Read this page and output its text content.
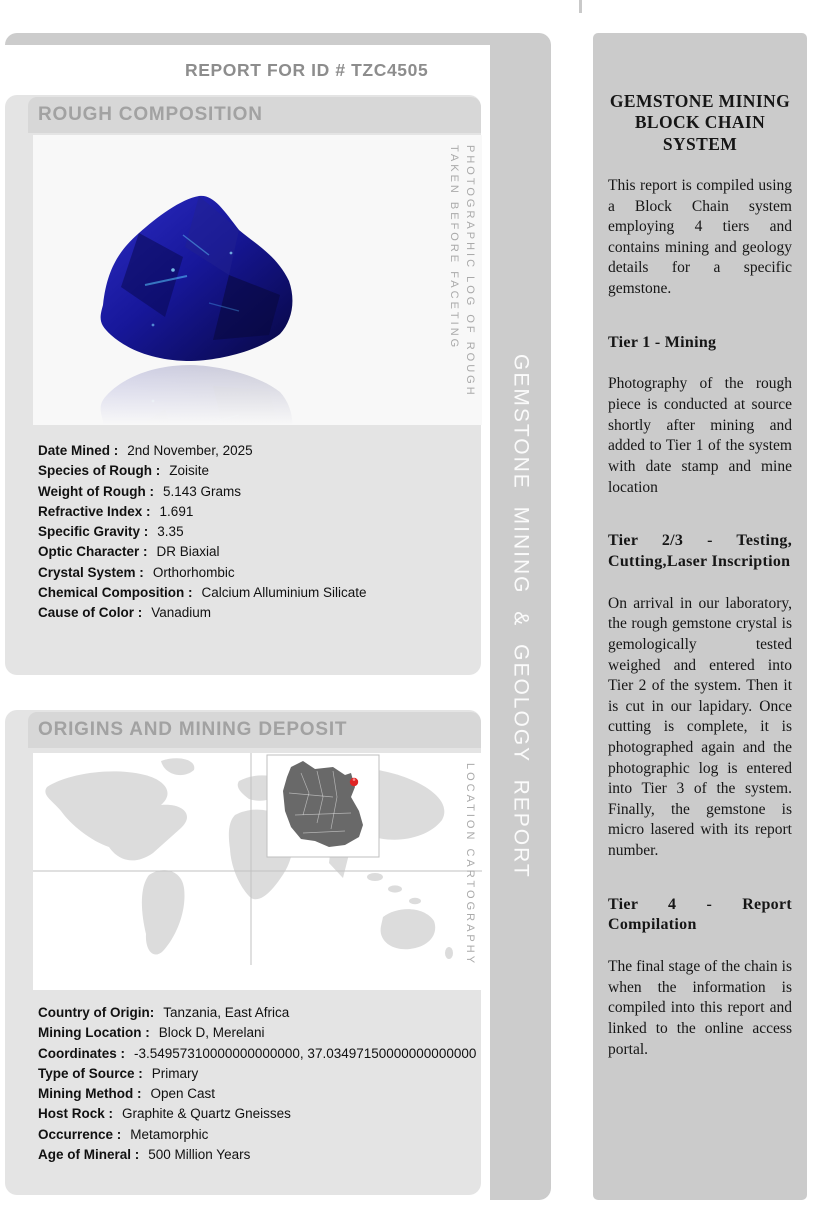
GEMSTONE MINING & GEOLOGY REPORT
REPORT FOR ID # TZC4505
ROUGH COMPOSITION
PHOTOGRAPHIC LOG OF ROUGH
TAKEN BEFORE FACETING
Date Mined : 2nd November, 2025
Species of Rough : Zoisite
Weight of Rough : 5.143 Grams
Refractive Index : 1.691
Specific Gravity : 3.35
Optic Character : DR Biaxial
Crystal System : Orthorhombic
Chemical Composition : Calcium Alluminium Silicate
Cause of Color : Vanadium
ORIGINS AND MINING DEPOSIT
LOCATION CARTOGRAPHY
Country of Origin: Tanzania, East Africa
Mining Location : Block D, Merelani
Coordinates : -3.54957310000000000000, 37.03497150000000000000
Type of Source : Primary
Mining Method : Open Cast
Host Rock : Graphite & Quartz Gneisses
Occurrence : Metamorphic
Age of Mineral : 500 Million Years
GEMSTONE MINING BLOCK CHAIN SYSTEM
This report is compiled using a Block Chain system employing 4 tiers and contains mining and geology details for a specific gemstone.
Tier 1 - Mining
Photography of the rough piece is conducted at source shortly after mining and added to Tier 1 of the system with date stamp and mine location
Tier 2/3 - Testing, Cutting,Laser Inscription
On arrival in our laboratory, the rough gemstone crystal is gemologically tested weighed and entered into Tier 2 of the system. Then it is cut in our lapidary. Once cutting is complete, it is photographed again and the photographic log is entered into Tier 3 of the system. Finally, the gemstone is micro lasered with its report number.
Tier 4 - Report Compilation
The final stage of the chain is when the information is compiled into this report and linked to the online access portal.
